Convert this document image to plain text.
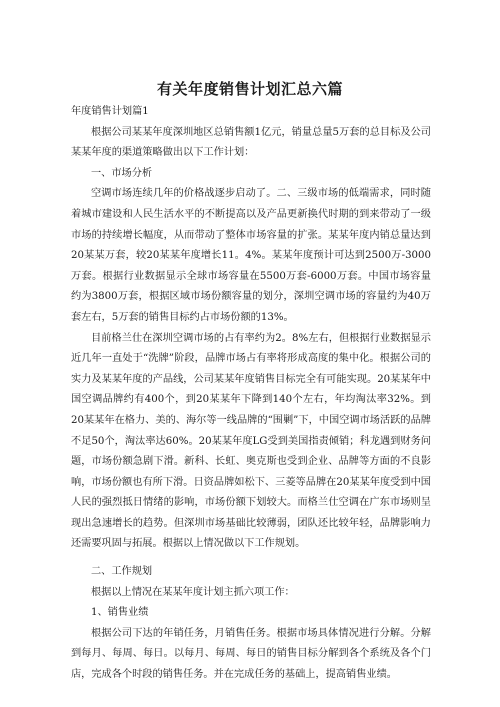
有关年度销售计划汇总六篇

年度销售计划篇1

根据公司某某年度深圳地区总销售额1亿元，销量总量5万套的总目标及公司某某年度的渠道策略做出以下工作计划：

一、市场分析

空调市场连续几年的价格战逐步启动了。二、三级市场的低端需求，同时随着城市建设和人民生活水平的不断提高以及产品更新换代时期的到来带动了一级市场的持续增长幅度，从而带动了整体市场容量的扩张。某某年度内销总量达到20某某万套，较20某某年度增长11。4%。某某年度预计可达到2500万-3000万套。根据行业数据显示全球市场容量在5500万套-6000万套。中国市场容量约为3800万套，根据区域市场份额容量的划分，深圳空调市场的容量约为40万套左右，5万套的销售目标约占市场份额的13%。

目前格兰仕在深圳空调市场的占有率约为2。8%左右，但根据行业数据显示近几年一直处于“洗牌”阶段，品牌市场占有率将形成高度的集中化。根据公司的实力及某某年度的产品线，公司某某年度销售目标完全有可能实现。20某某年中国空调品牌约有400个，到20某某年下降到140个左右，年均淘汰率32%。到20某某年在格力、美的、海尔等一线品牌的“围剿”下，中国空调市场活跃的品牌不足50个，淘汰率达60%。20某某年度LG受到美国指责倾销；科龙遇到财务问题，市场份额急剧下滑。新科、长虹、奥克斯也受到企业、品牌等方面的不良影响，市场份额也有所下滑。日资品牌如松下、三菱等品牌在20某某年度受到中国人民的强烈抵日情绪的影响，市场份额下划较大。而格兰仕空调在广东市场则呈现出急速增长的趋势。但深圳市场基础比较薄弱，团队还比较年轻，品牌影响力还需要巩固与拓展。根据以上情况做以下工作规划。

二、工作规划

根据以上情况在某某年度计划主抓六项工作：

1、销售业绩

根据公司下达的年销任务，月销售任务。根据市场具体情况进行分解。分解到每月、每周、每日。以每月、每周、每日的销售目标分解到各个系统及各个门店，完成各个时段的销售任务。并在完成任务的基础上，提高销售业绩。
